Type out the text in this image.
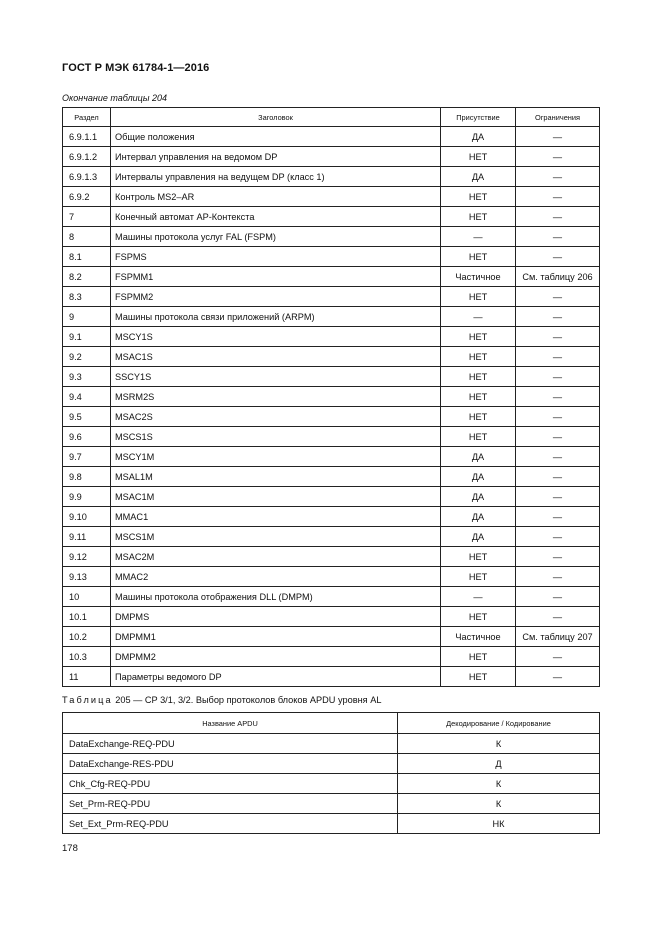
ГОСТ Р МЭК 61784-1—2016
Окончание таблицы 204
Раздел	Заголовок	Присутствие	Ограничения
6.9.1.1	Общие положения	ДА	—
6.9.1.2	Интервал управления на ведомом DP	НЕТ	—
6.9.1.3	Интервалы управления на ведущем DP (класс 1)	ДА	—
6.9.2	Контроль MS2–AR	НЕТ	—
7	Конечный автомат АР-Контекста	НЕТ	—
8	Машины протокола услуг FAL (FSPM)	—	—
8.1	FSPMS	НЕТ	—
8.2	FSPMM1	Частичное	См. таблицу 206
8.3	FSPMM2	НЕТ	—
9	Машины протокола связи приложений (ARPM)	—	—
9.1	MSCY1S	НЕТ	—
9.2	MSAC1S	НЕТ	—
9.3	SSCY1S	НЕТ	—
9.4	MSRM2S	НЕТ	—
9.5	MSAC2S	НЕТ	—
9.6	MSCS1S	НЕТ	—
9.7	MSCY1M	ДА	—
9.8	MSAL1M	ДА	—
9.9	MSAC1M	ДА	—
9.10	MMAC1	ДА	—
9.11	MSCS1M	ДА	—
9.12	MSAC2M	НЕТ	—
9.13	MMAC2	НЕТ	—
10	Машины протокола отображения DLL (DMPM)	—	—
10.1	DMPMS	НЕТ	—
10.2	DMPMM1	Частичное	См. таблицу 207
10.3	DMPMM2	НЕТ	—
11	Параметры ведомого DP	НЕТ	—
Таблица 205 — CP 3/1, 3/2. Выбор протоколов блоков APDU уровня AL
Название APDU	Декодирование / Кодирование
DataExchange-REQ-PDU	К
DataExchange-RES-PDU	Д
Chk_Cfg-REQ-PDU	К
Set_Prm-REQ-PDU	К
Set_Ext_Prm-REQ-PDU	НК
178
